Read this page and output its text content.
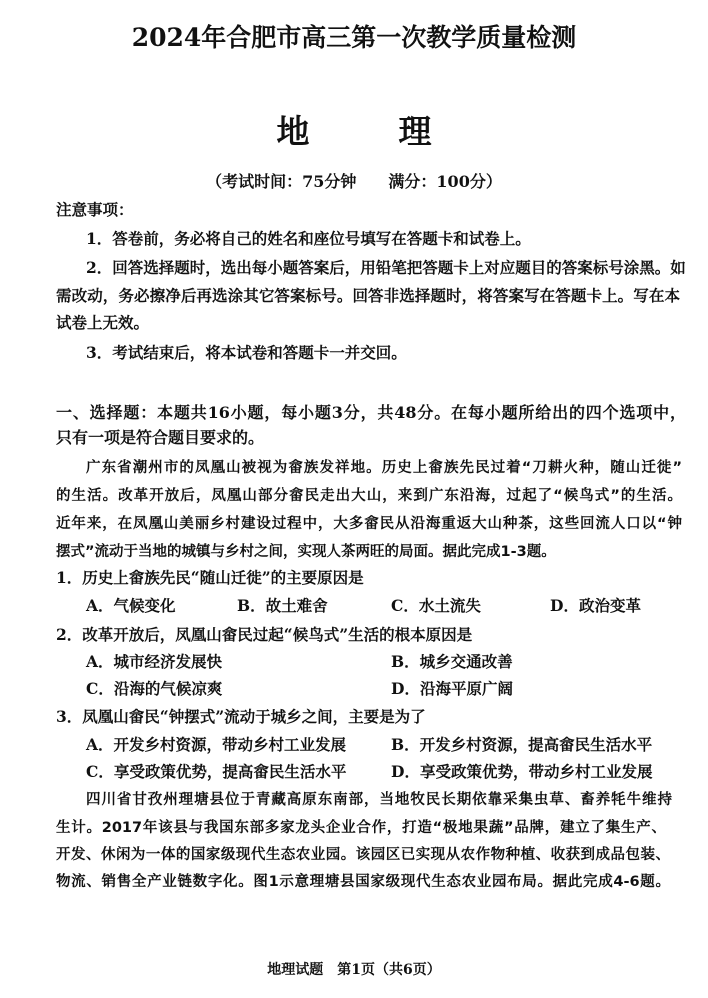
2024年合肥市高三第一次教学质量检测
地　理
（考试时间：75分钟　　满分：100分）
注意事项：
1．答卷前，务必将自己的姓名和座位号填写在答题卡和试卷上。
2．回答选择题时，选出每小题答案后，用铅笔把答题卡上对应题目的答案标号涂黑。如
需改动，务必擦净后再选涂其它答案标号。回答非选择题时，将答案写在答题卡上。写在本
试卷上无效。
3．考试结束后，将本试卷和答题卡一并交回。
一、选择题：本题共16小题，每小题3分，共48分。在每小题所给出的四个选项中，
只有一项是符合题目要求的。
广东省潮州市的凤凰山被视为畲族发祥地。历史上畲族先民过着“刀耕火种，随山迁徙”
的生活。改革开放后，凤凰山部分畲民走出大山，来到广东沿海，过起了“候鸟式”的生活。
近年来，在凤凰山美丽乡村建设过程中，大多畲民从沿海重返大山种茶，这些回流人口以“钟
摆式”流动于当地的城镇与乡村之间，实现人茶两旺的局面。据此完成1-3题。
1．历史上畲族先民“随山迁徙”的主要原因是
A．气候变化	B．故土难舍	C．水土流失	D．政治变革
2．改革开放后，凤凰山畲民过起“候鸟式”生活的根本原因是
A．城市经济发展快	B．城乡交通改善
C．沿海的气候凉爽	D．沿海平原广阔
3．凤凰山畲民“钟摆式”流动于城乡之间，主要是为了
A．开发乡村资源，带动乡村工业发展	B．开发乡村资源，提高畲民生活水平
C．享受政策优势，提高畲民生活水平	D．享受政策优势，带动乡村工业发展
四川省甘孜州理塘县位于青藏高原东南部，当地牧民长期依靠采集虫草、畜养牦牛维持
生计。2017年该县与我国东部多家龙头企业合作，打造“极地果蔬”品牌，建立了集生产、
开发、休闲为一体的国家级现代生态农业园。该园区已实现从农作物种植、收获到成品包装、
物流、销售全产业链数字化。图1示意理塘县国家级现代生态农业园布局。据此完成4-6题。
地理试题　第1页（共6页）
